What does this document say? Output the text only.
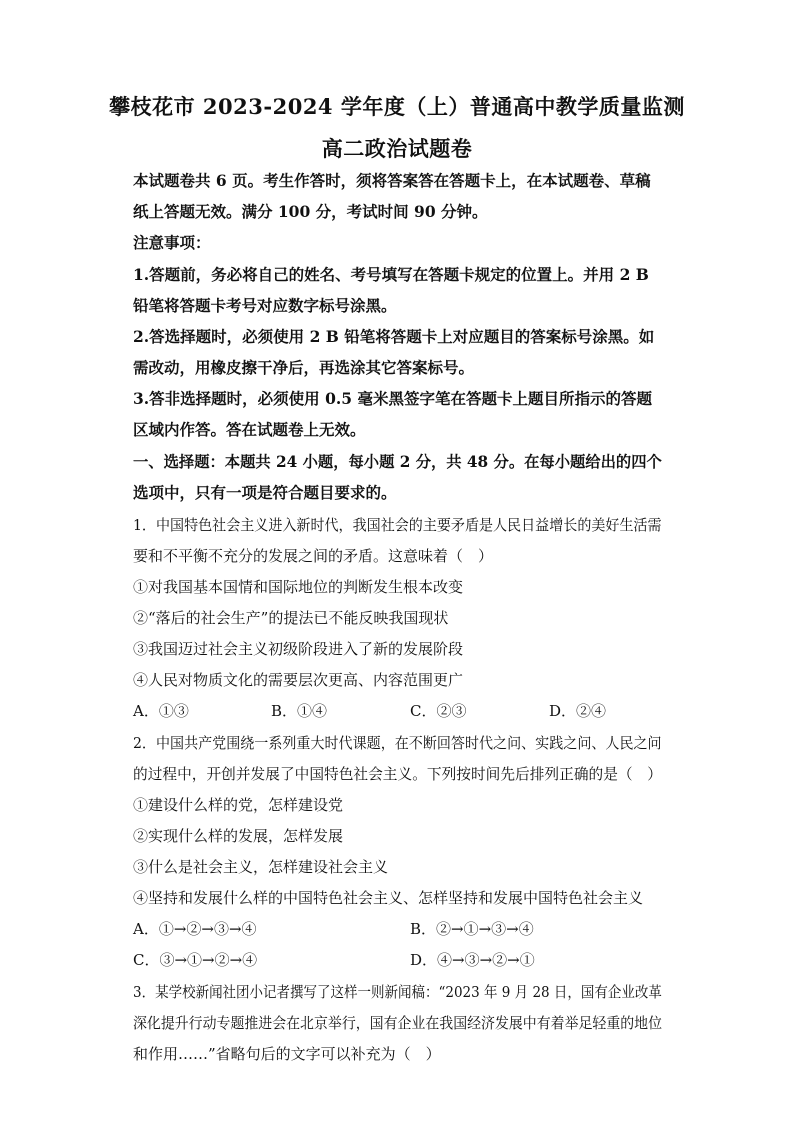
攀枝花市 2023-2024 学年度（上）普通高中教学质量监测
高二政治试题卷
本试题卷共 6 页。考生作答时，须将答案答在答题卡上，在本试题卷、草稿
纸上答题无效。满分 100 分，考试时间 90 分钟。
注意事项：
1.答题前，务必将自己的姓名、考号填写在答题卡规定的位置上。并用 2 B
铅笔将答题卡考号对应数字标号涂黑。
2.答选择题时，必须使用 2 B 铅笔将答题卡上对应题目的答案标号涂黑。如
需改动，用橡皮擦干净后，再选涂其它答案标号。
3.答非选择题时，必须使用 0.5 毫米黑签字笔在答题卡上题目所指示的答题
区域内作答。答在试题卷上无效。
一、选择题：本题共 24 小题，每小题 2 分，共 48 分。在每小题给出的四个
选项中，只有一项是符合题目要求的。
1．中国特色社会主义进入新时代，我国社会的主要矛盾是人民日益增长的美好生活需
要和不平衡不充分的发展之间的矛盾。这意味着（　）
①对我国基本国情和国际地位的判断发生根本改变
②“落后的社会生产”的提法已不能反映我国现状
③我国迈过社会主义初级阶段进入了新的发展阶段
④人民对物质文化的需要层次更高、内容范围更广
A．①③	B．①④	C．②③	D．②④
2．中国共产党围绕一系列重大时代课题，在不断回答时代之问、实践之问、人民之问
的过程中，开创并发展了中国特色社会主义。下列按时间先后排列正确的是（　）
①建设什么样的党，怎样建设党
②实现什么样的发展，怎样发展
③什么是社会主义，怎样建设社会主义
④坚持和发展什么样的中国特色社会主义、怎样坚持和发展中国特色社会主义
A．①→②→③→④	B．②→①→③→④
C．③→①→②→④	D．④→③→②→①
3．某学校新闻社团小记者撰写了这样一则新闻稿：“2023 年 9 月 28 日，国有企业改革
深化提升行动专题推进会在北京举行，国有企业在我国经济发展中有着举足轻重的地位
和作用……”省略句后的文字可以补充为（　）
